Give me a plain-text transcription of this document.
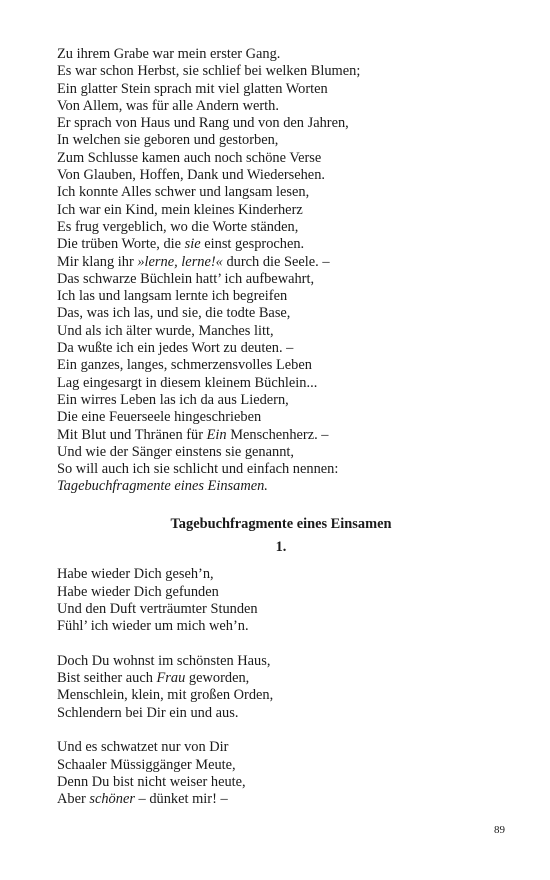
Zu ihrem Grabe war mein erster Gang.
Es war schon Herbst, sie schlief bei welken Blumen;
Ein glatter Stein sprach mit viel glatten Worten
Von Allem, was für alle Andern werth.
Er sprach von Haus und Rang und von den Jahren,
In welchen sie geboren und gestorben,
Zum Schlusse kamen auch noch schöne Verse
Von Glauben, Hoffen, Dank und Wiedersehen.
Ich konnte Alles schwer und langsam lesen,
Ich war ein Kind, mein kleines Kinderherz
Es frug vergeblich, wo die Worte ständen,
Die trüben Worte, die sie einst gesprochen.
Mir klang ihr »lerne, lerne!« durch die Seele. –
Das schwarze Büchlein hatt’ ich aufbewahrt,
Ich las und langsam lernte ich begreifen
Das, was ich las, und sie, die todte Base,
Und als ich älter wurde, Manches litt,
Da wußte ich ein jedes Wort zu deuten. –
Ein ganzes, langes, schmerzensvolles Leben
Lag eingesargt in diesem kleinem Büchlein...
Ein wirres Leben las ich da aus Liedern,
Die eine Feuerseele hingeschrieben
Mit Blut und Thränen für Ein Menschenherz. –
Und wie der Sänger einstens sie genannt,
So will auch ich sie schlicht und einfach nennen:
Tagebuchfragmente eines Einsamen.
Tagebuchfragmente eines Einsamen
1.
Habe wieder Dich geseh’n,
Habe wieder Dich gefunden
Und den Duft verträumter Stunden
Fühl’ ich wieder um mich weh’n.
Doch Du wohnst im schönsten Haus,
Bist seither auch Frau geworden,
Menschlein, klein, mit großen Orden,
Schlendern bei Dir ein und aus.
Und es schwatzet nur von Dir
Schaaler Müssiggänger Meute,
Denn Du bist nicht weiser heute,
Aber schöner – dünket mir! –
89
